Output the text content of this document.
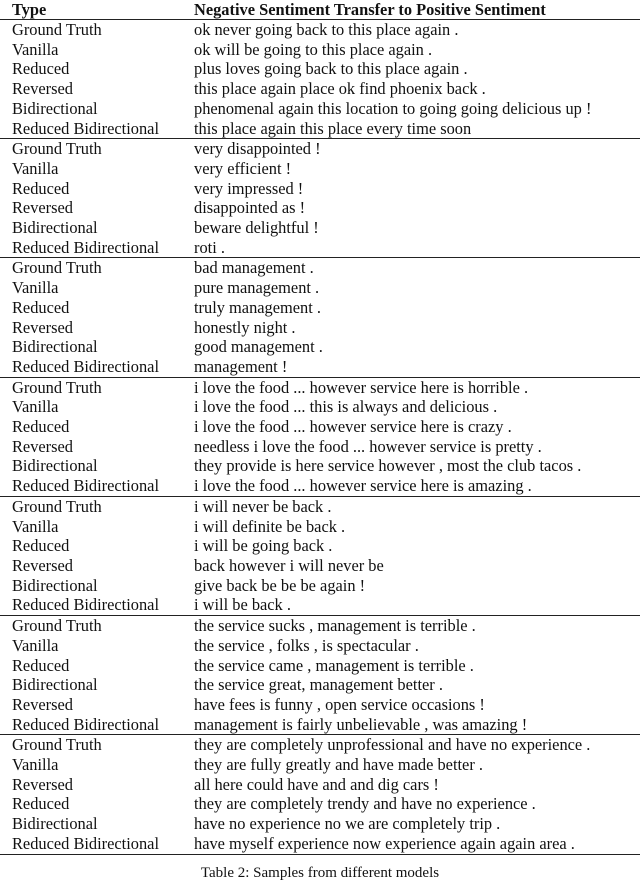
Type	Negative Sentiment Transfer to Positive Sentiment
Ground Truth	ok never going back to this place again .
Vanilla	ok will be going to this place again .
Reduced	plus loves going back to this place again .
Reversed	this place again place ok find phoenix back .
Bidirectional	phenomenal again this location to going going delicious up !
Reduced Bidirectional	this place again this place every time soon
Ground Truth	very disappointed !
Vanilla	very efficient !
Reduced	very impressed !
Reversed	disappointed as !
Bidirectional	beware delightful !
Reduced Bidirectional	roti .
Ground Truth	bad management .
Vanilla	pure management .
Reduced	truly management .
Reversed	honestly night .
Bidirectional	good management .
Reduced Bidirectional	management !
Ground Truth	i love the food ... however service here is horrible .
Vanilla	i love the food ... this is always and delicious .
Reduced	i love the food ... however service here is crazy .
Reversed	needless i love the food ... however service is pretty .
Bidirectional	they provide is here service however , most the club tacos .
Reduced Bidirectional	i love the food ... however service here is amazing .
Ground Truth	i will never be back .
Vanilla	i will definite be back .
Reduced	i will be going back .
Reversed	back however i will never be
Bidirectional	give back be be be again !
Reduced Bidirectional	i will be back .
Ground Truth	the service sucks , management is terrible .
Vanilla	the service , folks , is spectacular .
Reduced	the service came , management is terrible .
Bidirectional	the service great, management better .
Reversed	have fees is funny , open service occasions !
Reduced Bidirectional	management is fairly unbelievable , was amazing !
Ground Truth	they are completely unprofessional and have no experience .
Vanilla	they are fully greatly and have made better .
Reversed	all here could have and and dig cars !
Reduced	they are completely trendy and have no experience .
Bidirectional	have no experience no we are completely trip .
Reduced Bidirectional	have myself experience now experience again again area .
Table 2: Samples from different models
